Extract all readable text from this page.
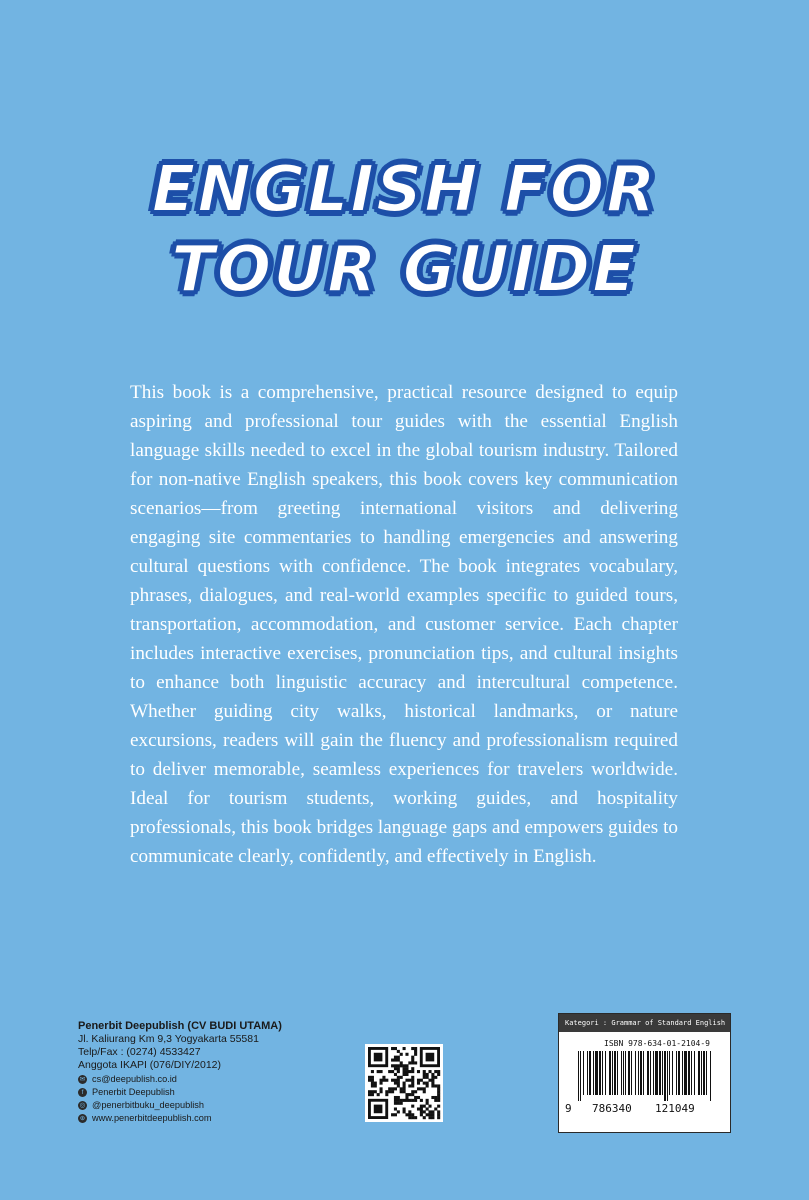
ENGLISH FOR
TOUR GUIDE

This book is a comprehensive, practical resource designed to equip aspiring and professional tour guides with the essential English language skills needed to excel in the global tourism industry. Tailored for non-native English speakers, this book covers key communication scenarios—from greeting international visitors and delivering engaging site commentaries to handling emergencies and answering cultural questions with confidence. The book integrates vocabulary, phrases, dialogues, and real-world examples specific to guided tours, transportation, accommodation, and customer service. Each chapter includes interactive exercises, pronunciation tips, and cultural insights to enhance both linguistic accuracy and intercultural competence. Whether guiding city walks, historical landmarks, or nature excursions, readers will gain the fluency and professionalism required to deliver memorable, seamless experiences for travelers worldwide. Ideal for tourism students, working guides, and hospitality professionals, this book bridges language gaps and empowers guides to communicate clearly, confidently, and effectively in English.

Penerbit Deepublish (CV BUDI UTAMA)
Jl. Kaliurang Km 9,3 Yogyakarta 55581
Telp/Fax : (0274) 4533427
Anggota IKAPI (076/DIY/2012)
✉ cs@deepublish.co.id
f Penerbit Deepublish
◎ @penerbitbuku_deepublish
⊕ www.penerbitdeepublish.com
Kategori : Grammar of Standard English
ISBN 978-634-01-2104-9
9 786340 121049
